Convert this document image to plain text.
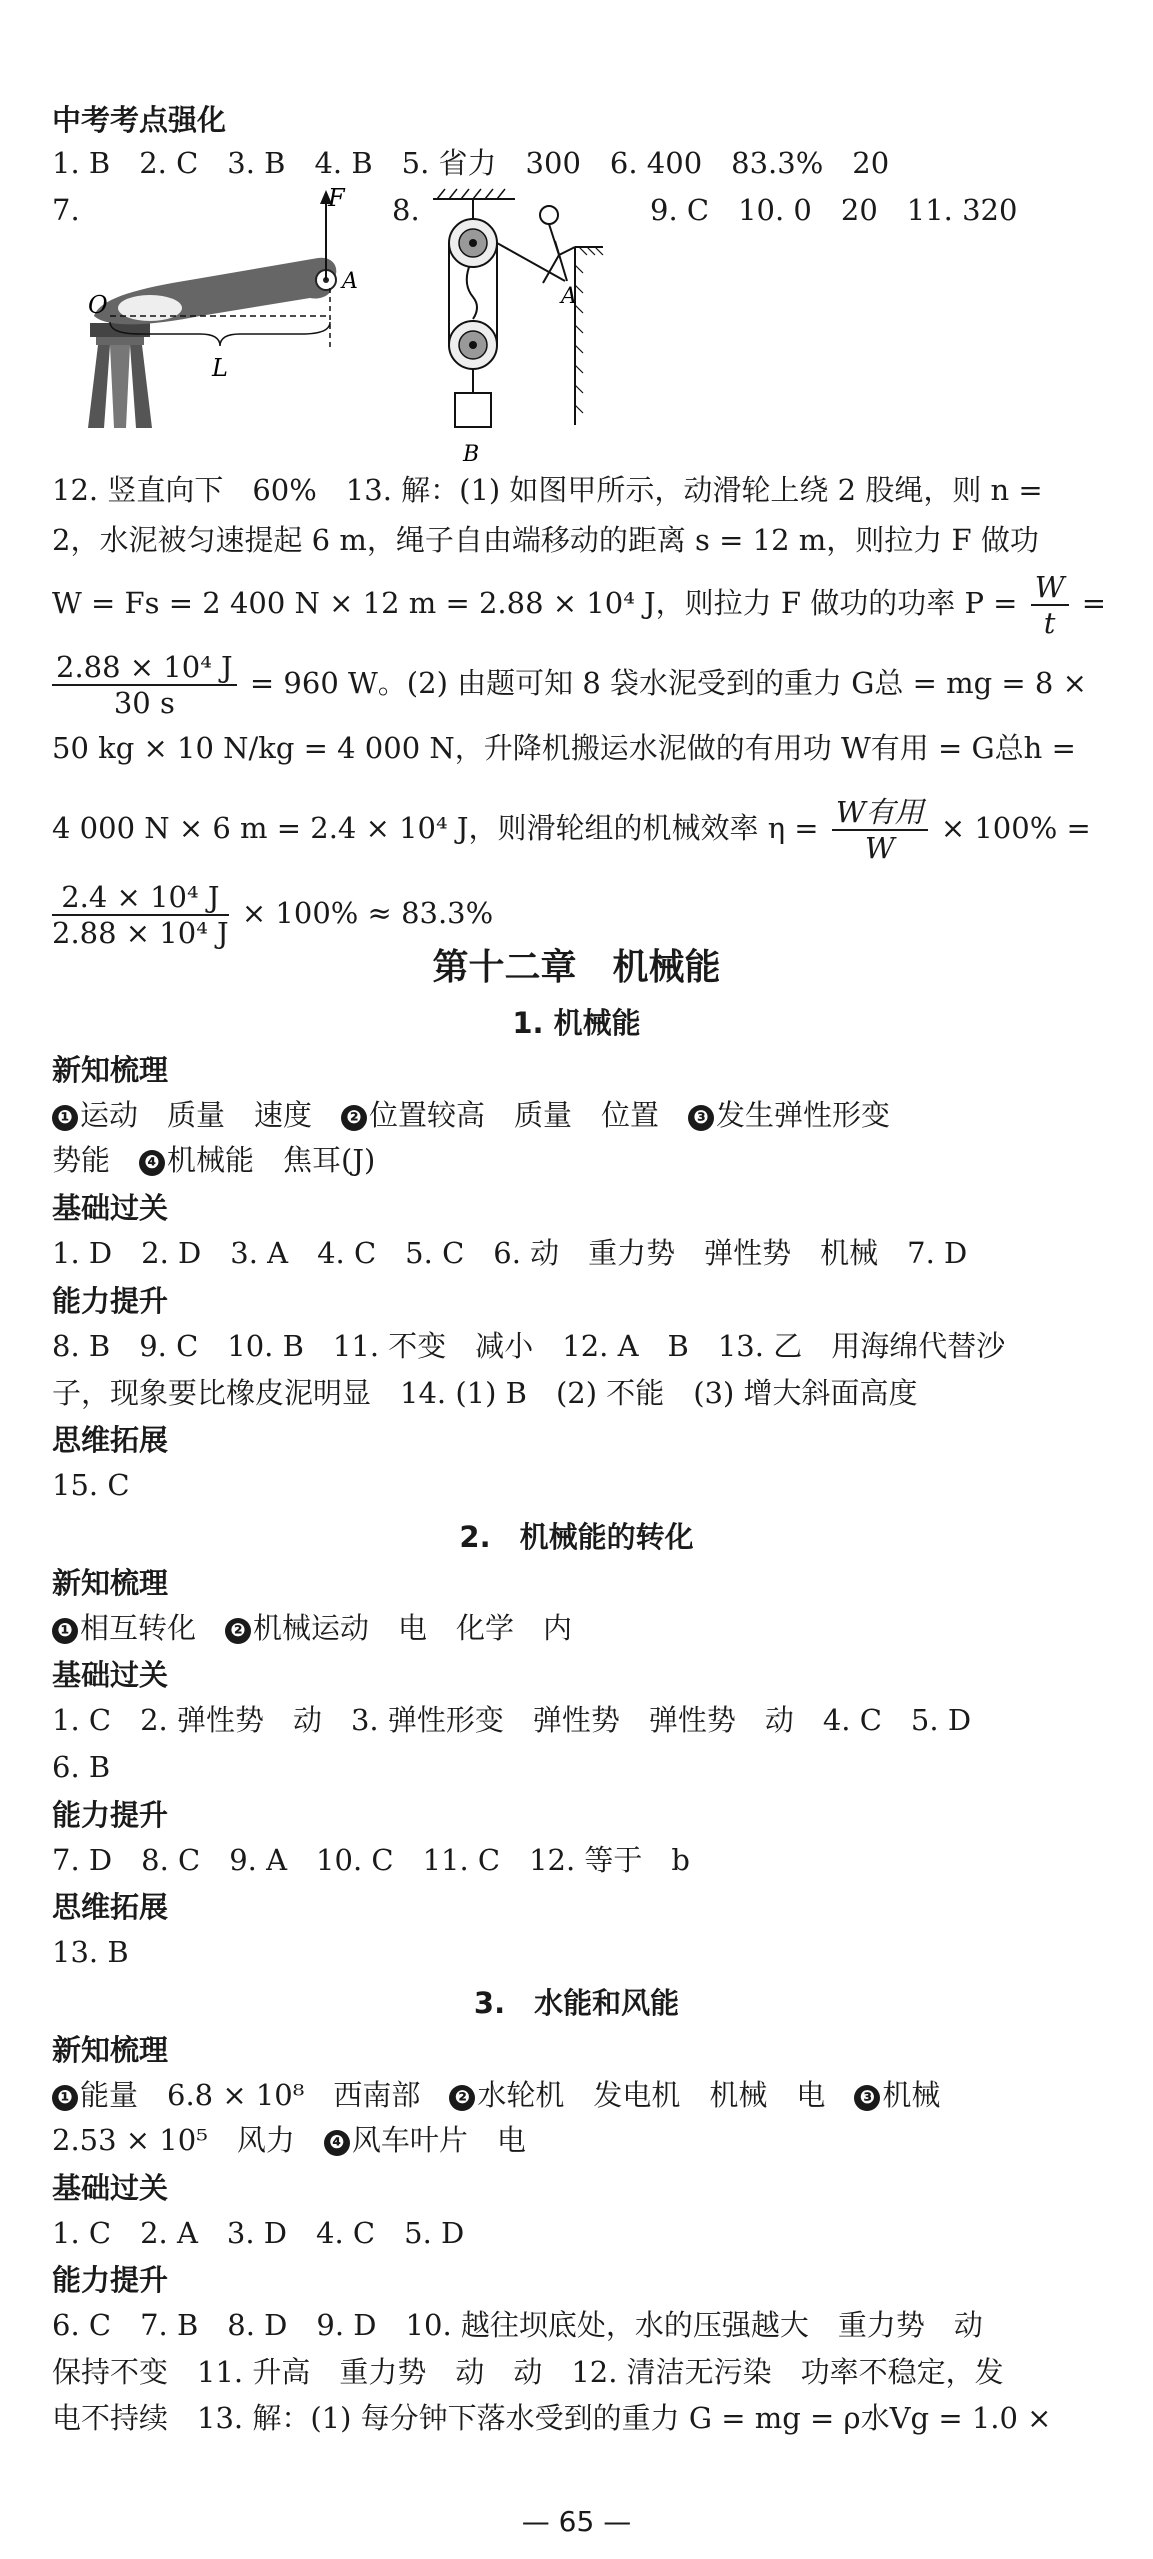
中考考点强化
1. B　2. C　3. B　4. B　5. 省力　300　6. 400　83.3%　20
7.	F
O
A
L
8.
B
A
9. C　10. 0　20　11. 320
12. 竖直向下　60%　13. 解：(1) 如图甲所示，动滑轮上绕 2 股绳，则 n =
2，水泥被匀速提起 6 m，绳子自由端移动的距离 s = 12 m，则拉力 F 做功
W = Fs = 2 400 N × 12 m = 2.88 × 10⁴ J，则拉力 F 做功的功率 $P = \frac{W}{t}$ =
$\frac{\text{2.88 × 10⁴ J}}{30 s} = 960$ W。(2) 由题可知 8 袋水泥受到的重力 G总 = mg = 8 ×
50 kg × 10 N/kg = 4 000 N，升降机搬运水泥做的有用功 W有用 = G总h =
4 000 N × 6 m = 2.4 × 10⁴ J，则滑轮组的机械效率 $\eta = \frac{\text{W有用}}{W} \times 100\%$ =
$\frac{\text{2.4 × 10⁴ J}}{\text{2.88 × 10⁴ J}} \times 100\% \approx 83.3\%$
第十二章　机械能
1. 机械能
新知梳理
❶ 运动　质量　速度　❷ 位置较高　质量　位置　❸ 发生弹性形变
势能　❹ 机械能　焦耳(J)
基础过关
1. D　2. D　3. A　4. C　5. C　6. 动　重力势　弹性势　机械　7. D
能力提升
8. B　9. C　10. B　11. 不变　减小　12. A　B　13. 乙　用海绵代替沙
子，现象要比橡皮泥明显　14. (1) B　(2) 不能　(3) 增大斜面高度
思维拓展
15. C
2.　机械能的转化
新知梳理
❶ 相互转化　❷ 机械运动　电　化学　内
基础过关
1. C　2. 弹性势　动　3. 弹性形变　弹性势　弹性势　动　4. C　5. D
6. B
能力提升
7. D　8. C　9. A　10. C　11. C　12. 等于　b
思维拓展
13. B
3.　水能和风能
新知梳理
❶ 能量　6.8 × 10⁸　西南部　❷ 水轮机　发电机　机械　电　❸ 机械
2.53 × 10⁵　风力　❹ 风车叶片　电
基础过关
1. C　2. A　3. D　4. C　5. D
能力提升
6. C　7. B　8. D　9. D　10. 越往坝底处，水的压强越大　重力势　动
保持不变　11. 升高　重力势　动　动　12. 清洁无污染　功率不稳定，发
电不持续　13. 解：(1) 每分钟下落水受到的重力 G = mg = ρ水Vg = 1.0 ×
— 65 —
